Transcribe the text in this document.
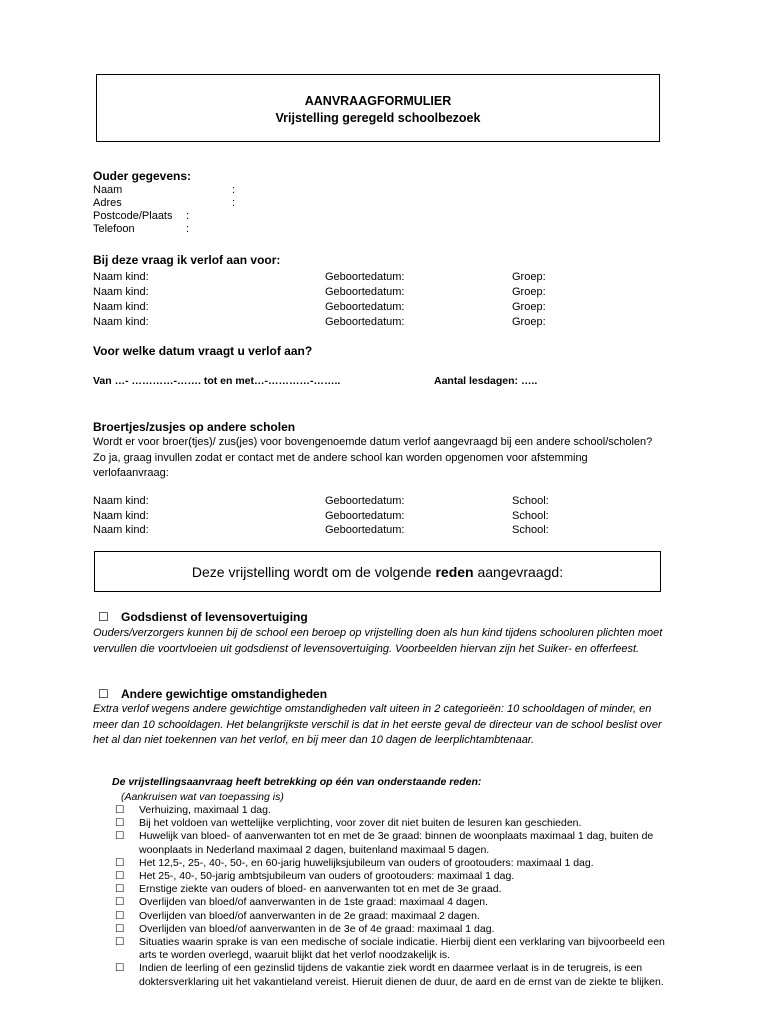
AANVRAAGFORMULIER
Vrijstelling geregeld schoolbezoek
Ouder gegevens:
Naam	:
Adres	:
Postcode/Plaats :
Telefoon	:
Bij deze vraag ik verlof aan voor:
Naam kind:	Geboortedatum:	Groep:
Naam kind:	Geboortedatum:	Groep:
Naam kind:	Geboortedatum:	Groep:
Naam kind:	Geboortedatum:	Groep:
Voor welke datum vraagt u verlof aan?
Van …- …………-……. tot en met…-…………-……..	Aantal lesdagen: …..
Broertjes/zusjes op andere scholen
Wordt er voor broer(tjes)/ zus(jes) voor bovengenoemde datum verlof aangevraagd bij een andere school/scholen? Zo ja, graag invullen zodat er contact met de andere school kan worden opgenomen voor afstemming verlofaanvraag:
Naam kind:	Geboortedatum:	School:
Naam kind:	Geboortedatum:	School:
Naam kind:	Geboortedatum:	School:
Deze vrijstelling wordt om de volgende reden aangevraagd:
☐ Godsdienst of levensovertuiging
Ouders/verzorgers kunnen bij de school een beroep op vrijstelling doen als hun kind tijdens schooluren plichten moet vervullen die voortvloeien uit godsdienst of levensovertuiging. Voorbeelden hiervan zijn het Suiker- en offerfeest.
☐ Andere gewichtige omstandigheden
Extra verlof wegens andere gewichtige omstandigheden valt uiteen in 2 categorieën: 10 schooldagen of minder, en meer dan 10 schooldagen. Het belangrijkste verschil is dat in het eerste geval de directeur van de school beslist over het al dan niet toekennen van het verlof, en bij meer dan 10 dagen de leerplichtambtenaar.
De vrijstellingsaanvraag heeft betrekking op één van onderstaande reden:
(Aankruisen wat van toepassing is)
☐ Verhuizing, maximaal 1 dag.
☐ Bij het voldoen van wettelijke verplichting, voor zover dit niet buiten de lesuren kan geschieden.
☐ Huwelijk van bloed- of aanverwanten tot en met de 3e graad: binnen de woonplaats maximaal 1 dag, buiten de woonplaats in Nederland maximaal 2 dagen, buitenland maximaal 5 dagen.
☐ Het 12,5-, 25-, 40-, 50-, en 60-jarig huwelijksjubileum van ouders of grootouders: maximaal 1 dag.
☐ Het 25-, 40-, 50-jarig ambtsjubileum van ouders of grootouders: maximaal 1 dag.
☐ Ernstige ziekte van ouders of bloed- en aanverwanten tot en met de 3e graad.
☐ Overlijden van bloed/of aanverwanten in de 1ste graad: maximaal 4 dagen.
☐ Overlijden van bloed/of aanverwanten in de 2e graad: maximaal 2 dagen.
☐ Overlijden van bloed/of aanverwanten in de 3e of 4e graad: maximaal 1 dag.
☐ Situaties waarin sprake is van een medische of sociale indicatie. Hierbij dient een verklaring van bijvoorbeeld een arts te worden overlegd, waaruit blijkt dat het verlof noodzakelijk is.
☐ Indien de leerling of een gezinslid tijdens de vakantie ziek wordt en daarmee verlaat is in de terugreis, is een doktersverklaring uit het vakantieland vereist. Hieruit dienen de duur, de aard en de ernst van de ziekte te blijken.
